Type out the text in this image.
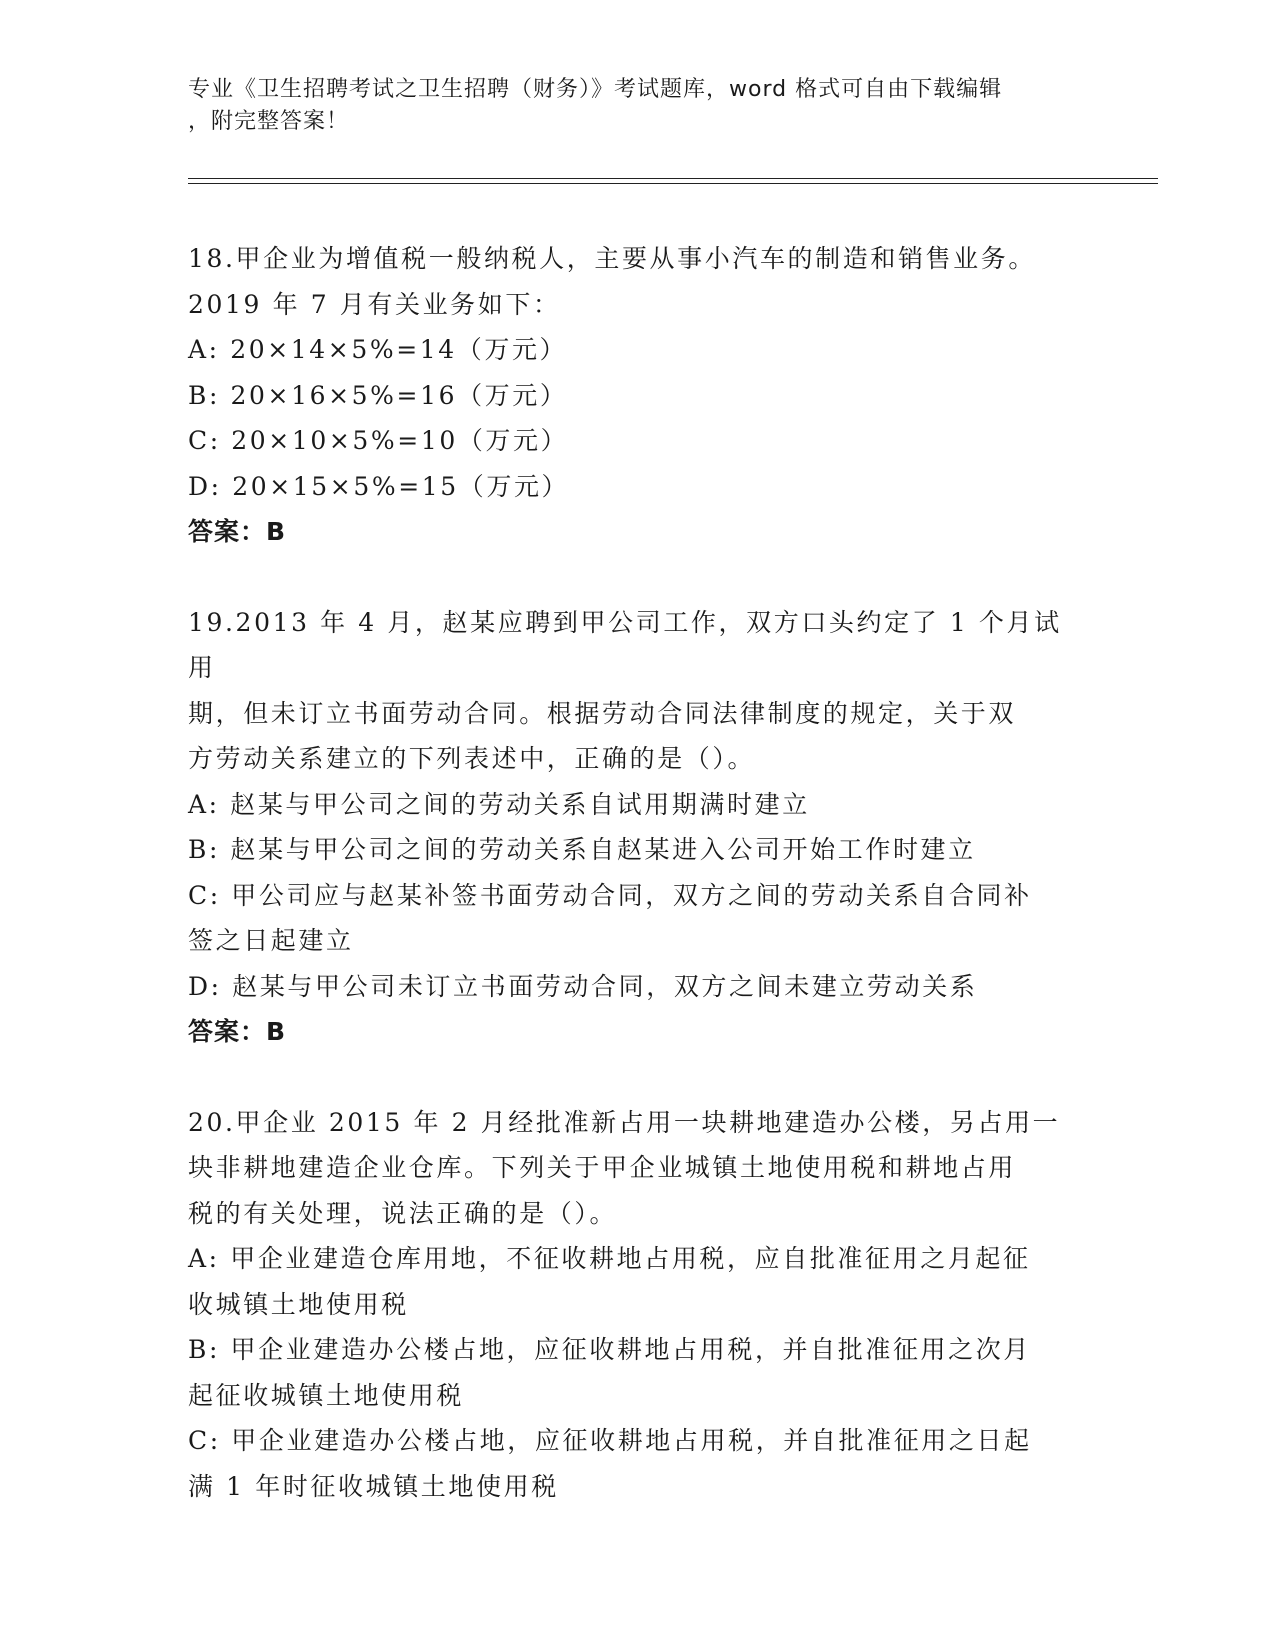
专业《卫生招聘考试之卫生招聘（财务）》考试题库，word 格式可自由下载编辑

，附完整答案！

18.甲企业为增值税一般纳税人，主要从事小汽车的制造和销售业务。

2019 年 7 月有关业务如下：

A: 20×14×5%=14（万元）

B: 20×16×5%=16（万元）

C: 20×10×5%=10（万元）

D: 20×15×5%=15（万元）

答案：B

19.2013 年 4 月，赵某应聘到甲公司工作，双方口头约定了 1 个月试用

期，但未订立书面劳动合同。根据劳动合同法律制度的规定，关于双

方劳动关系建立的下列表述中，正确的是（）。

A: 赵某与甲公司之间的劳动关系自试用期满时建立

B: 赵某与甲公司之间的劳动关系自赵某进入公司开始工作时建立

C: 甲公司应与赵某补签书面劳动合同，双方之间的劳动关系自合同补

签之日起建立

D: 赵某与甲公司未订立书面劳动合同，双方之间未建立劳动关系

答案：B

20.甲企业 2015 年 2 月经批准新占用一块耕地建造办公楼，另占用一

块非耕地建造企业仓库。下列关于甲企业城镇土地使用税和耕地占用

税的有关处理，说法正确的是（）。

A: 甲企业建造仓库用地，不征收耕地占用税，应自批准征用之月起征

收城镇土地使用税

B: 甲企业建造办公楼占地，应征收耕地占用税，并自批准征用之次月

起征收城镇土地使用税

C: 甲企业建造办公楼占地，应征收耕地占用税，并自批准征用之日起

满 1 年时征收城镇土地使用税
